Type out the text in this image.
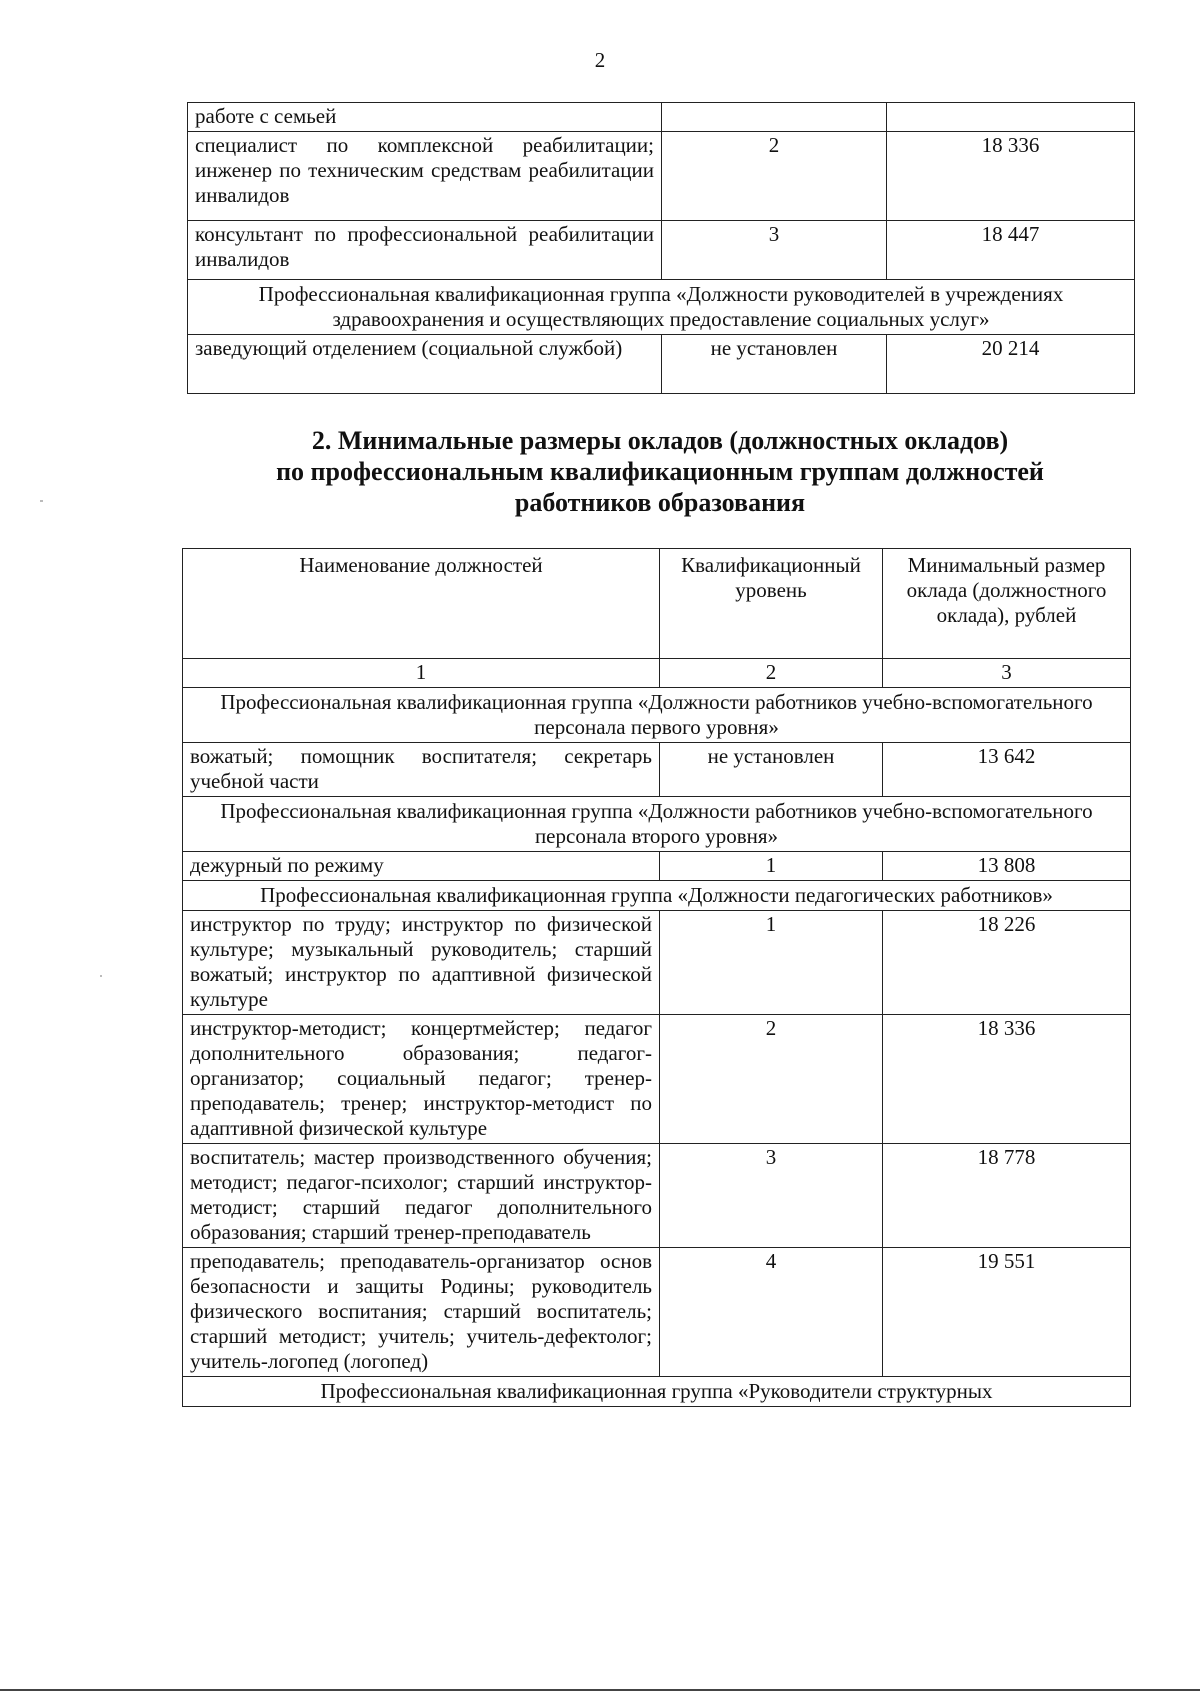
2
работе с семьей		
специалист по комплексной реабилитации; инженер по техническим средствам реабилитации инвалидов	2	18 336
консультант по профессиональной реабилитации инвалидов	3	18 447
Профессиональная квалификационная группа «Должности руководителей в учреждениях здравоохранения и осуществляющих предоставление социальных услуг»		
заведующий отделением (социальной службой)	не установлен	20 214
2. Минимальные размеры окладов (должностных окладов)
по профессиональным квалификационным группам должностей
работников образования
Наименование должностей	Квалификационный уровень	Минимальный размер оклада (должностного оклада), рублей
1	2	3
Профессиональная квалификационная группа «Должности работников учебно-вспомогательного персонала первого уровня»		
вожатый; помощник воспитателя; секретарь учебной части	не установлен	13 642
Профессиональная квалификационная группа «Должности работников учебно-вспомогательного персонала второго уровня»		
дежурный по режиму	1	13 808
Профессиональная квалификационная группа «Должности педагогических работников»		
инструктор по труду; инструктор по физической культуре; музыкальный руководитель; старший вожатый; инструктор по адаптивной физической культуре	1	18 226
инструктор-методист; концертмейстер; педагог дополнительного образования; педагог-организатор; социальный педагог; тренер-преподаватель; тренер; инструктор-методист по адаптивной физической культуре	2	18 336
воспитатель; мастер производственного обучения; методист; педагог-психолог; старший инструктор-методист; старший педагог дополнительного образования; старший тренер-преподаватель	3	18 778
преподаватель; преподаватель-организатор основ безопасности и защиты Родины; руководитель физического воспитания; старший воспитатель; старший методист; учитель; учитель-дефектолог; учитель-логопед (логопед)	4	19 551
Профессиональная квалификационная группа «Руководители структурных		
